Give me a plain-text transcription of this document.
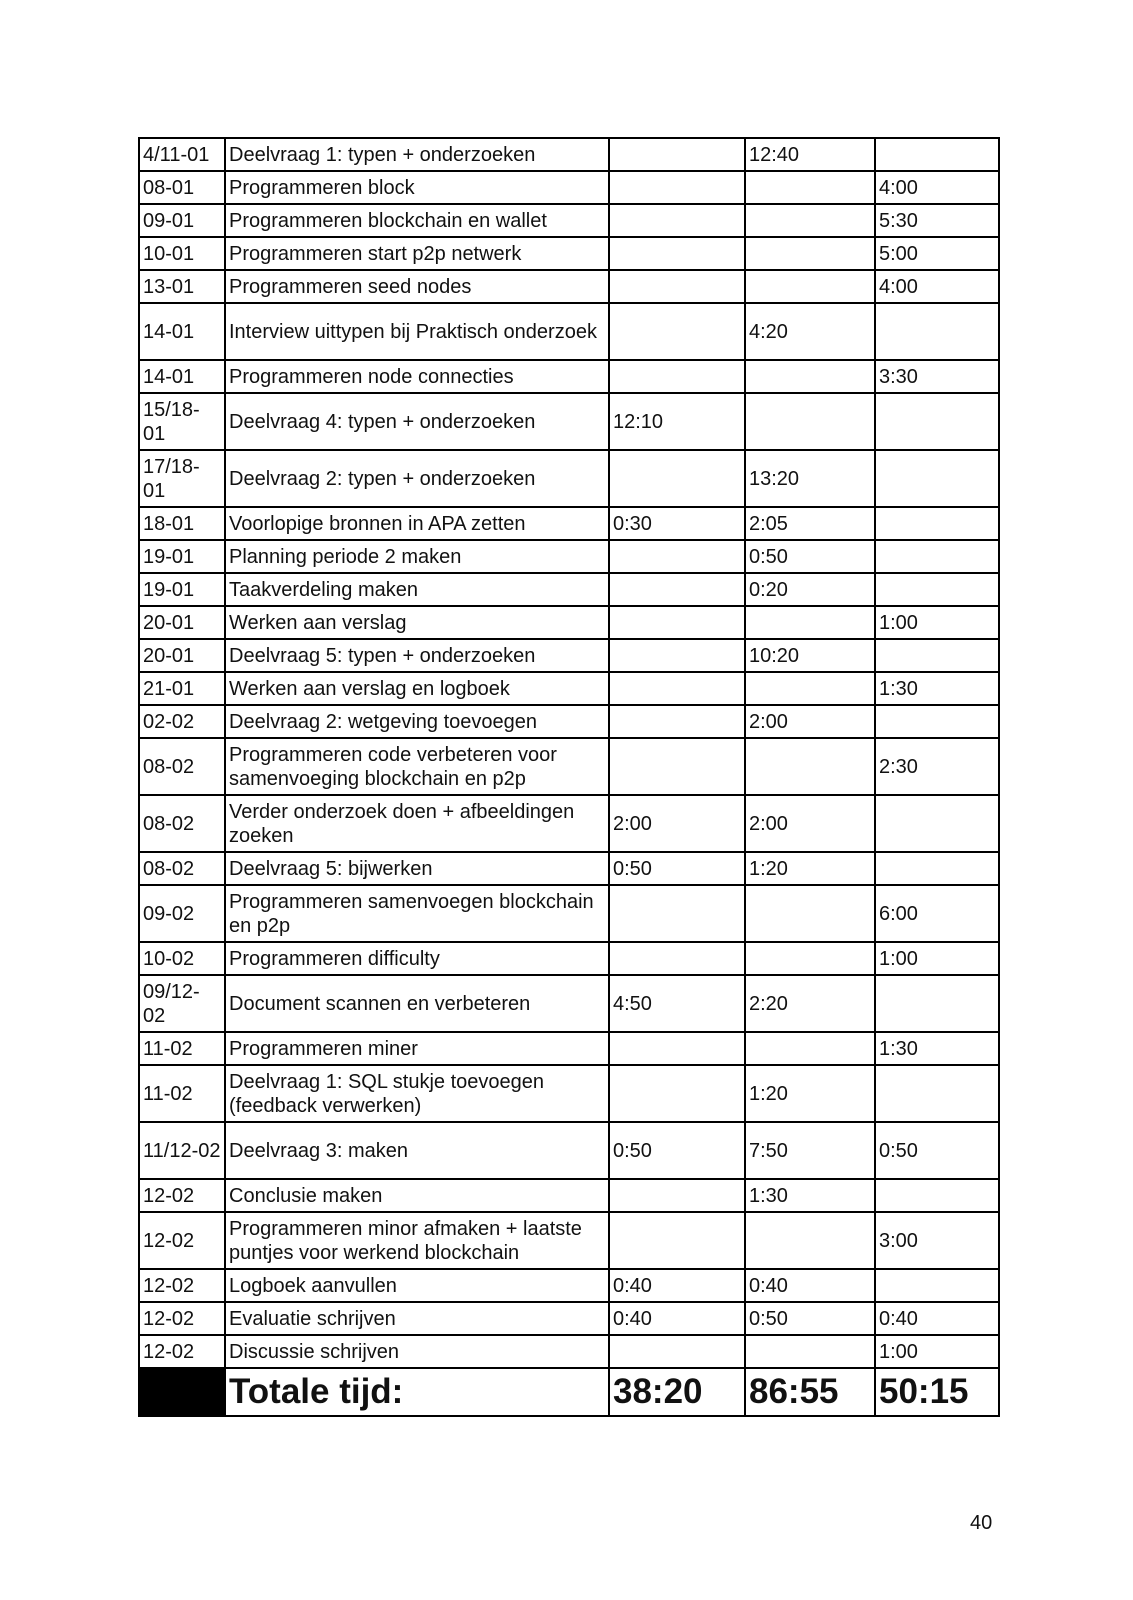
4/11-01	Deelvraag 1: typen + onderzoeken		12:40	
08-01	Programmeren block			4:00
09-01	Programmeren blockchain en wallet			5:30
10-01	Programmeren start p2p netwerk			5:00
13-01	Programmeren seed nodes			4:00
14-01	Interview uittypen bij Praktisch onderzoek		4:20	
14-01	Programmeren node connecties			3:30
15/18-01	Deelvraag 4: typen + onderzoeken	12:10		
17/18-01	Deelvraag 2: typen + onderzoeken		13:20	
18-01	Voorlopige bronnen in APA zetten	0:30	2:05	
19-01	Planning periode 2 maken		0:50	
19-01	Taakverdeling maken		0:20	
20-01	Werken aan verslag			1:00
20-01	Deelvraag 5: typen + onderzoeken		10:20	
21-01	Werken aan verslag en logboek			1:30
02-02	Deelvraag 2: wetgeving toevoegen		2:00	
08-02	Programmeren code verbeteren voor samenvoeging blockchain en p2p			2:30
08-02	Verder onderzoek doen + afbeeldingen zoeken	2:00	2:00	
08-02	Deelvraag 5: bijwerken	0:50	1:20	
09-02	Programmeren samenvoegen blockchain en p2p			6:00
10-02	Programmeren difficulty			1:00
09/12-02	Document scannen en verbeteren	4:50	2:20	
11-02	Programmeren miner			1:30
11-02	Deelvraag 1: SQL stukje toevoegen (feedback verwerken)		1:20	
11/12-02	Deelvraag 3: maken	0:50	7:50	0:50
12-02	Conclusie maken		1:30	
12-02	Programmeren minor afmaken + laatste puntjes voor werkend blockchain			3:00
12-02	Logboek aanvullen	0:40	0:40	
12-02	Evaluatie schrijven	0:40	0:50	0:40
12-02	Discussie schrijven			1:00
	Totale tijd:	38:20	86:55	50:15
40
